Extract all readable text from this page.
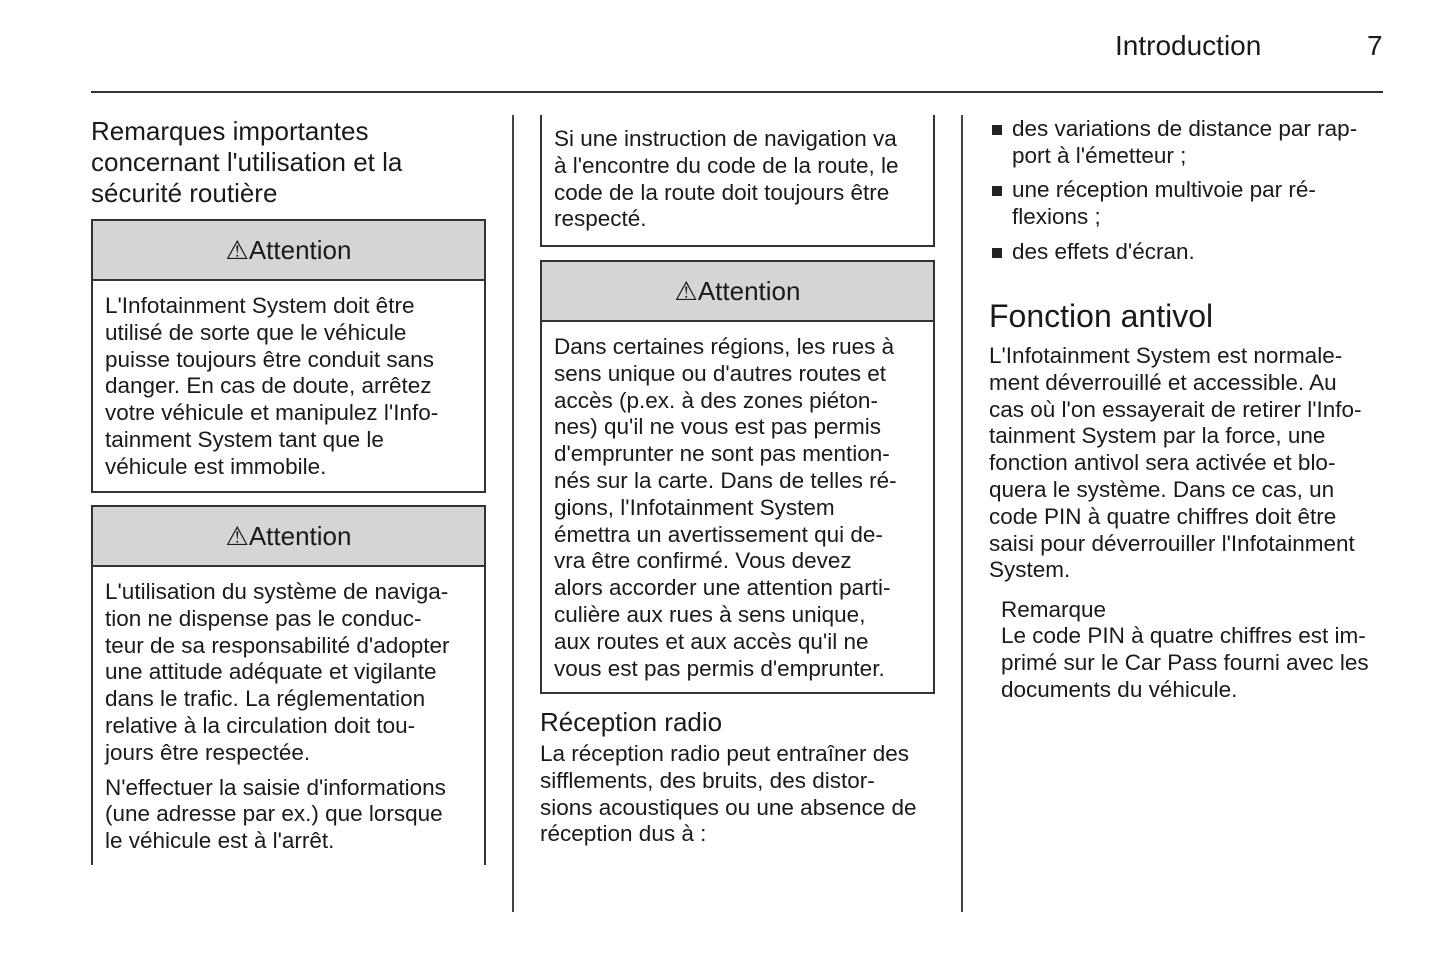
Introduction	7
Remarques importantes
concernant l'utilisation et la
sécurité routière
⚠ Attention
L'Infotainment System doit être
utilisé de sorte que le véhicule
puisse toujours être conduit sans
danger. En cas de doute, arrêtez
votre véhicule et manipulez l'Info-
tainment System tant que le
véhicule est immobile.
⚠ Attention
L'utilisation du système de naviga-
tion ne dispense pas le conduc-
teur de sa responsabilité d'adopter
une attitude adéquate et vigilante
dans le trafic. La réglementation
relative à la circulation doit tou-
jours être respectée.
N'effectuer la saisie d'informations
(une adresse par ex.) que lorsque
le véhicule est à l'arrêt.
Si une instruction de navigation va
à l'encontre du code de la route, le
code de la route doit toujours être
respecté.
⚠ Attention
Dans certaines régions, les rues à
sens unique ou d'autres routes et
accès (p.ex. à des zones piéton-
nes) qu'il ne vous est pas permis
d'emprunter ne sont pas mention-
nés sur la carte. Dans de telles ré-
gions, l'Infotainment System
émettra un avertissement qui de-
vra être confirmé. Vous devez
alors accorder une attention parti-
culière aux rues à sens unique,
aux routes et aux accès qu'il ne
vous est pas permis d'emprunter.
Réception radio
La réception radio peut entraîner des
sifflements, des bruits, des distor-
sions acoustiques ou une absence de
réception dus à :
des variations de distance par rap-
port à l'émetteur ;
une réception multivoie par ré-
flexions ;
des effets d'écran.
Fonction antivol
L'Infotainment System est normale-
ment déverrouillé et accessible. Au
cas où l'on essayerait de retirer l'Info-
tainment System par la force, une
fonction antivol sera activée et blo-
quera le système. Dans ce cas, un
code PIN à quatre chiffres doit être
saisi pour déverrouiller l'Infotainment
System.
Remarque
Le code PIN à quatre chiffres est im-
primé sur le Car Pass fourni avec les
documents du véhicule.
